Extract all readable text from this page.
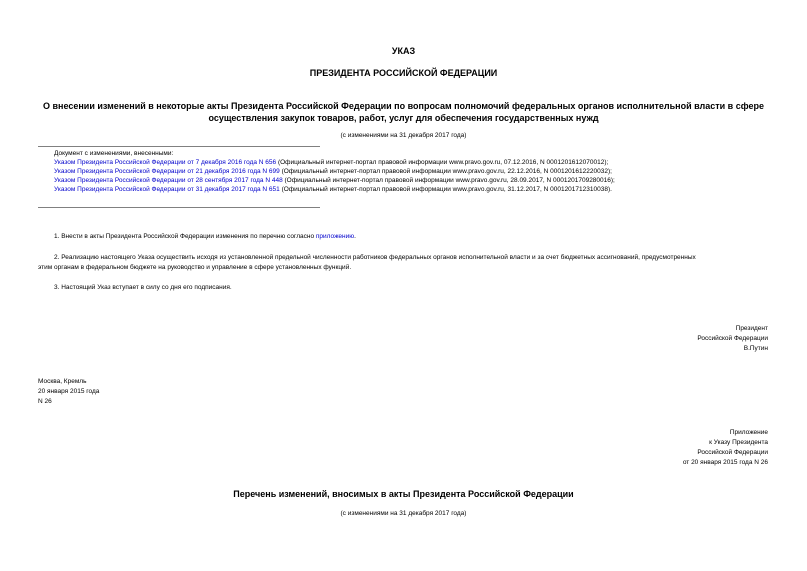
УКАЗ
ПРЕЗИДЕНТА РОССИЙСКОЙ ФЕДЕРАЦИИ
О внесении изменений в некоторые акты Президента Российской Федерации по вопросам полномочий федеральных органов исполнительной власти в сфере
осуществления закупок товаров, работ, услуг для обеспечения государственных нужд
(с изменениями на 31 декабря 2017 года)
Документ с изменениями, внесенными:
Указом Президента Российской Федерации от 7 декабря 2016 года N 656 (Официальный интернет-портал правовой информации www.pravo.gov.ru, 07.12.2016, N 0001201612070012);
Указом Президента Российской Федерации от 21 декабря 2016 года N 699 (Официальный интернет-портал правовой информации www.pravo.gov.ru, 22.12.2016, N 0001201612220032);
Указом Президента Российской Федерации от 28 сентября 2017 года N 448 (Официальный интернет-портал правовой информации www.pravo.gov.ru, 28.09.2017, N 0001201709280016);
Указом Президента Российской Федерации от 31 декабря 2017 года N 651 (Официальный интернет-портал правовой информации www.pravo.gov.ru, 31.12.2017, N 0001201712310038).
1. Внести в акты Президента Российской Федерации изменения по перечню согласно приложению.
2. Реализацию настоящего Указа осуществить исходя из установленной предельной численности работников федеральных органов исполнительной власти и за счет бюджетных ассигнований, предусмотренных
этим органам в федеральном бюджете на руководство и управление в сфере установленных функций.
3. Настоящий Указ вступает в силу со дня его подписания.
Президент
Российской Федерации
В.Путин
Москва, Кремль
20 января 2015 года
N 26
Приложение
к Указу Президента
Российской Федерации
от 20 января 2015 года N 26
Перечень изменений, вносимых в акты Президента Российской Федерации
(с изменениями на 31 декабря 2017 года)
